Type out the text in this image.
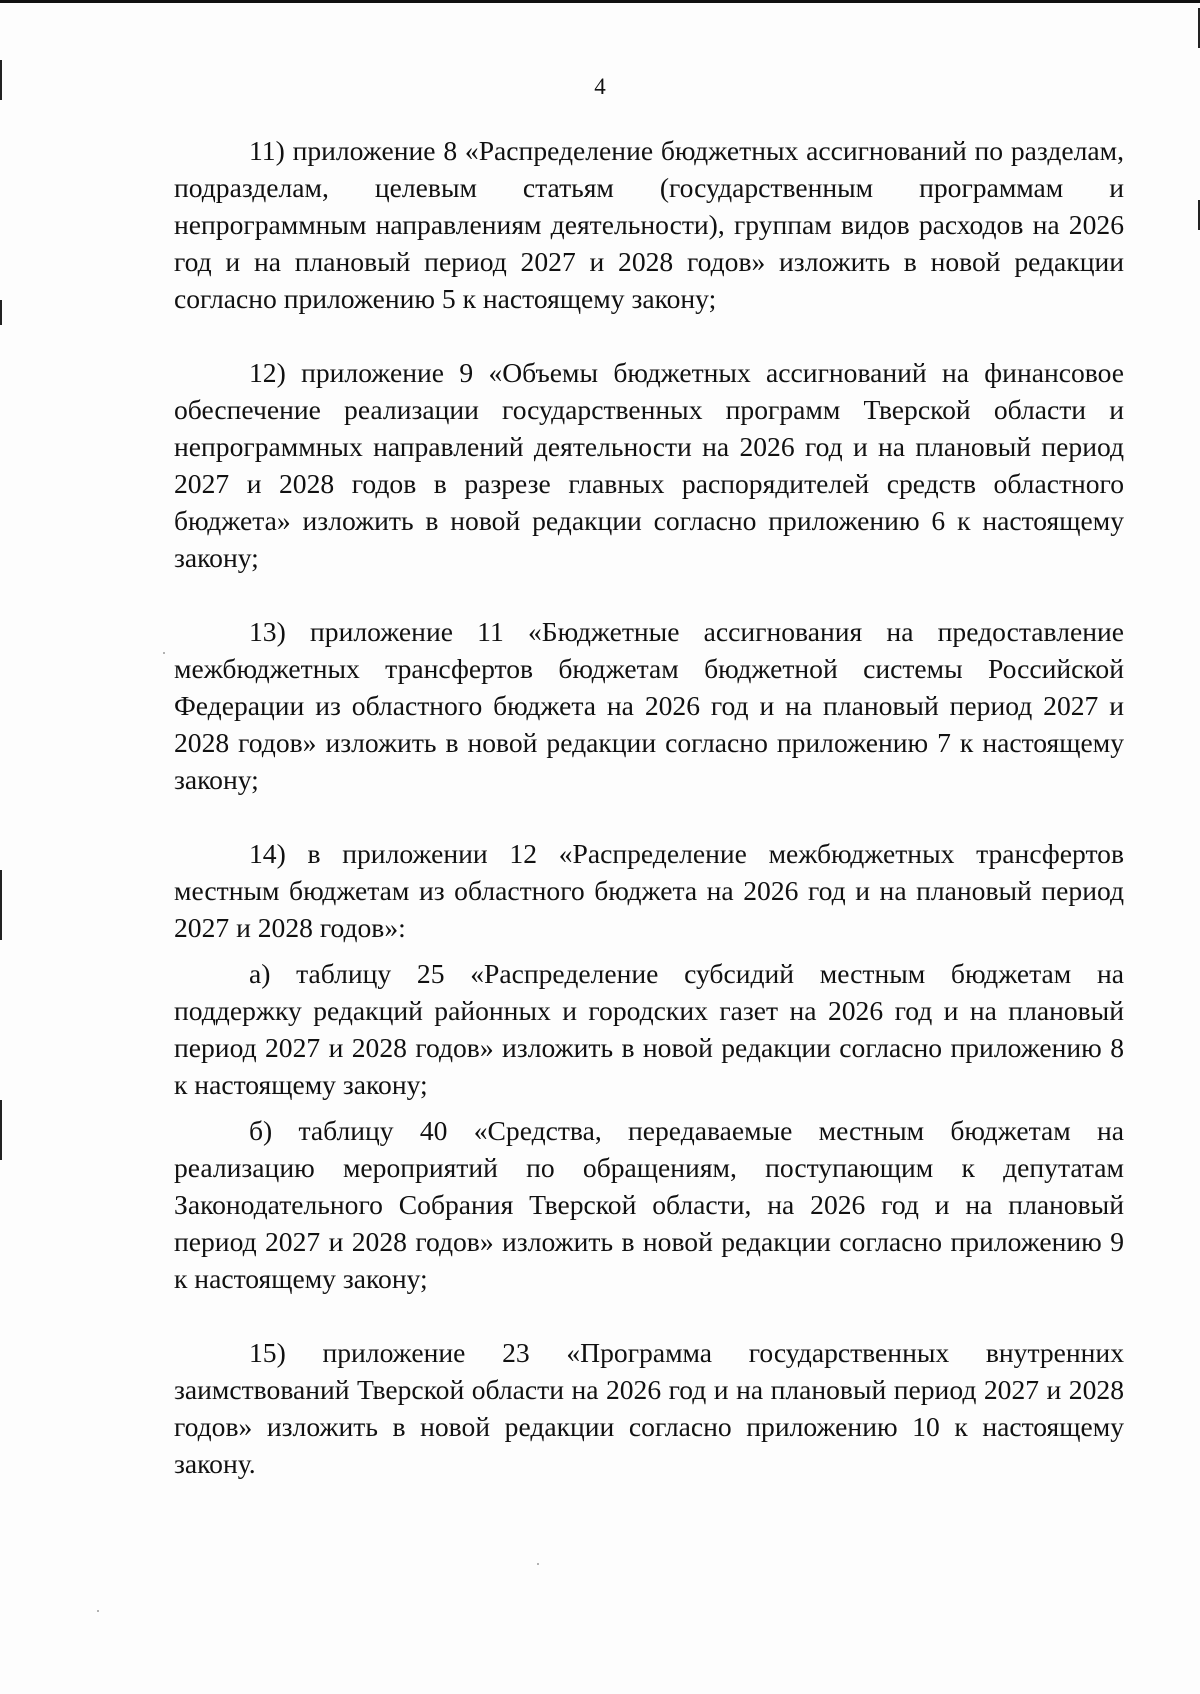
4

11) приложение 8 «Распределение бюджетных ассигнований по разделам, подразделам, целевым статьям (государственным программам и непрограммным направлениям деятельности), группам видов расходов на 2026 год и на плановый период 2027 и 2028 годов» изложить в новой редакции согласно приложению 5 к настоящему закону;

12) приложение 9 «Объемы бюджетных ассигнований на финансовое обеспечение реализации государственных программ Тверской области и непрограммных направлений деятельности на 2026 год и на плановый период 2027 и 2028 годов в разрезе главных распорядителей средств областного бюджета» изложить в новой редакции согласно приложению 6 к настоящему закону;

13) приложение 11 «Бюджетные ассигнования на предоставление межбюджетных трансфертов бюджетам бюджетной системы Российской Федерации из областного бюджета на 2026 год и на плановый период 2027 и 2028 годов» изложить в новой редакции согласно приложению 7 к настоящему закону;

14) в приложении 12 «Распределение межбюджетных трансфертов местным бюджетам из областного бюджета на 2026 год и на плановый период 2027 и 2028 годов»:

а) таблицу 25 «Распределение субсидий местным бюджетам на поддержку редакций районных и городских газет на 2026 год и на плановый период 2027 и 2028 годов» изложить в новой редакции согласно приложению 8 к настоящему закону;

б) таблицу 40 «Средства, передаваемые местным бюджетам на реализацию мероприятий по обращениям, поступающим к депутатам Законодательного Собрания Тверской области, на 2026 год и на плановый период 2027 и 2028 годов» изложить в новой редакции согласно приложению 9 к настоящему закону;

15) приложение 23 «Программа государственных внутренних заимствований Тверской области на 2026 год и на плановый период 2027 и 2028 годов» изложить в новой редакции согласно приложению 10 к настоящему закону.
